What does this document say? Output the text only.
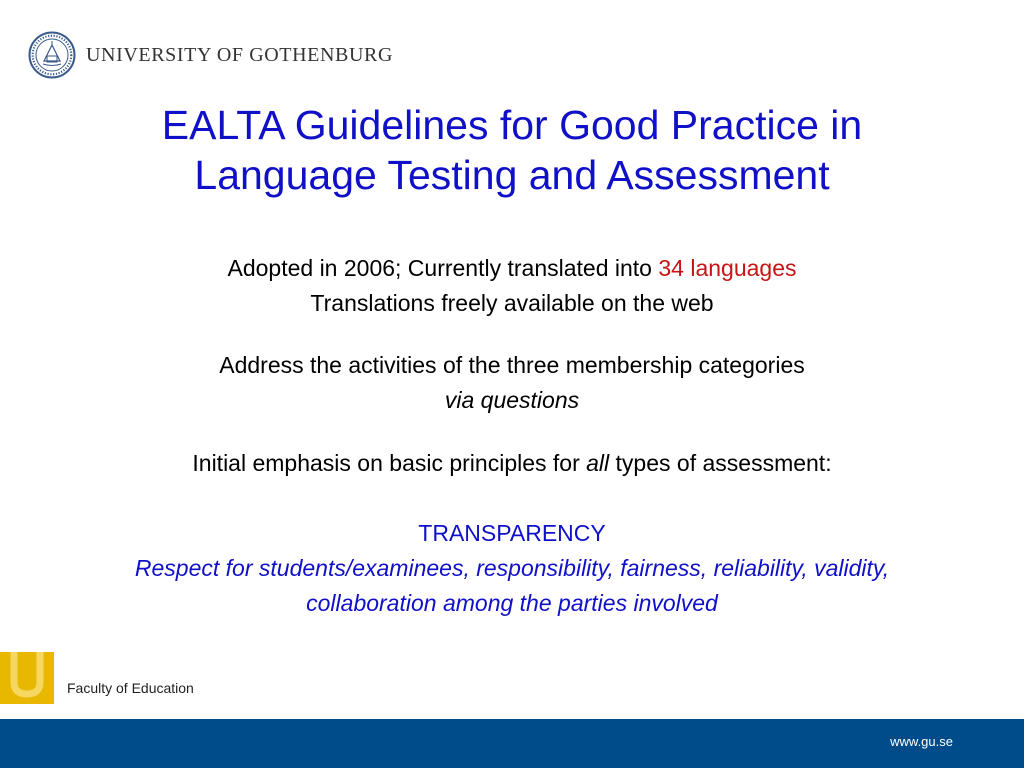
UNIVERSITY OF GOTHENBURG
EALTA Guidelines for Good Practice in
Language Testing and Assessment
Adopted in 2006; Currently translated into 34 languages
Translations freely available on the web
Address the activities of the three membership categories
via questions
Initial emphasis on basic principles for all types of assessment:
TRANSPARENCY
Respect for students/examinees, responsibility, fairness, reliability, validity,
collaboration among the parties involved
Faculty of Education
www.gu.se
